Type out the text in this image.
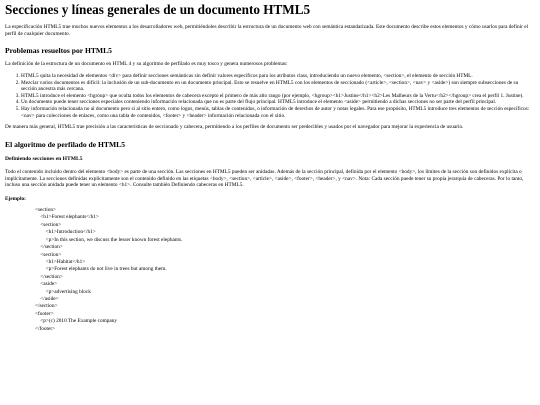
Secciones y líneas generales de un documento HTML5

La especificación HTML5 trae muchos nuevos elementos a los desarrolladores web, permitiéndoles describir la estructura de un documento web con semántica estandarizada. Este documento describe estos elementos y cómo usarlos para definir el perfil de cualquier documento.

Problemas resueltos por HTML5

La definición de la estructura de un documento en HTML 4 y su algoritmo de perfilado es muy tosco y genera numerosos problemas:

1. HTML5 quita la necesidad de elementos <div> para definir secciones semánticas sin definir valores específicos para los atributos class, introduciendo un nuevo elemento, <section>, el elemento de sección HTML.
2. Mezclar varios documentos es difícil: la inclusión de un sub-documento en un documento principal. Esto se resuelve en HTML5 con los elementos de seccionado (<article>, <section>, <nav> y <aside>) son siempre subsecciones de su sección ancestra más cercana.
3. HTML5 introduce el elemento <hgroup> que oculta todos los elementos de cabecera excepto el primero de más alto rango (por ejemplo, <hgroup><h1>Justine</h1><h2>Les Malheurs de la Vertu</h2></hgroup> crea el perfil 1. Justine).
4. Un documento puede tener secciones especiales conteniendo información relacionada que no es parte del flujo principal. HTML5 introduce el elemento <aside> permitiendo a dichas secciones no ser parte del perfil principal.
5. Hay información relacionada no al documento pero sí al sitio entero, como logos, menús, tablas de contenidos, o información de derechos de autor y notas legales. Para ese propósito, HTML5 introduce tres elementos de sección específicos: <nav> para colecciones de enlaces, como una tabla de contenidos, <footer> y <header> información relacionada con el sitio.

De manera más general, HTML5 trae precisión a las características de seccionado y cabecera, permitiendo a los perfiles de documento ser predecibles y usados por el navegador para mejorar la experiencia de usuario.

El algoritmo de perfilado de HTML5
Definiendo secciones en HTML5

Todo el contenido incluido dentro del elemento <body> es parte de una sección. Las secciones en HTML5 pueden ser anidadas. Además de la sección principal, definida por el elemento <body>, los límites de la sección son definidos explícita o implícitamente. La secciones definidas explícitamente son el contenido definido en las etiquetas <body>, <section>, <article>, <aside>, <footer>, <header>, y <nav>. Nota: Cada sección puede tener su propia jerarquía de cabeceras. Por lo tanto, incluso una sección anidada puede tener un elemento <h1>. Consulte también Definiendo cabeceras en HTML5.

Ejemplo:
<section>
<h1>Forest elephants</h1>
<section>
<h1>Introduction</h1>
<p>In this section, we discuss the lesser known forest elephants.
</section>
<section>
<h1>Habitat</h1>
<p>Forest elephants do not live in trees but among them.
</section>
<aside>
<p>advertising block
</aside>
</section>
<footer>
<p>(c) 2010 The Example company
</footer>
